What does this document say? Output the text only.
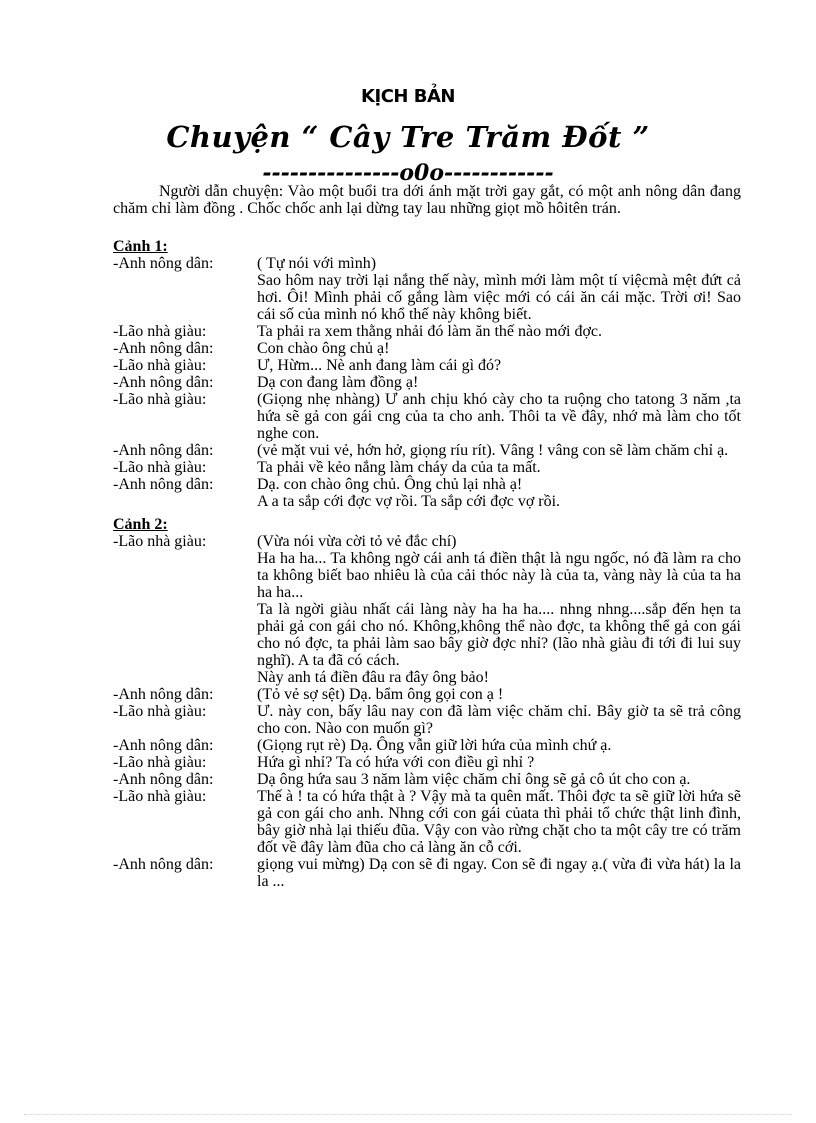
KỊCH BẢN
Chuyện “ Cây Tre Trăm Đốt ”
---------------o0o------------
Người dẫn chuyện: Vào một buổi tra dới ánh mặt trời gay gắt, có một anh nông dân đang chăm chỉ làm đồng . Chốc chốc anh lại dừng tay lau những giọt mồ hôitên trán.
Cảnh 1:
-Anh nông dân:	( Tự nói với mình)

Sao hôm nay trời lại nắng thế này, mình mới làm một tí việcmà mệt đứt cả hơi. Ôi! Mình phải cố gắng làm việc mới có cái ăn cái mặc. Trời ơi! Sao cái số của mình nó khổ thế này không biết.

-Lão nhà giàu:	Ta phải ra xem thằng nhải đó làm ăn thế nào mới đợc.

-Anh nông dân:	Con chào ông chủ ạ!

-Lão nhà giàu:	Ư, Hừm... Nè anh đang làm cái gì đó?

-Anh nông dân:	Dạ con đang làm đồng ạ!

-Lão nhà giàu:	(Giọng nhẹ nhàng) Ư anh chịu khó cày cho ta ruộng cho tatong 3 năm ,ta hứa sẽ gả con gái cng của ta cho anh. Thôi ta về đây, nhớ mà làm cho tốt nghe con.

-Anh nông dân:	(vẻ mặt vui vẻ, hớn hở, giọng ríu rít). Vâng ! vâng con sẽ làm chăm chỉ ạ.

-Lão nhà giàu:	Ta phải về kẻo nắng làm cháy da của ta mất.

-Anh nông dân:	Dạ. con chào ông chủ. Ông chủ lại nhà ạ!

A a ta sắp cới đợc vợ rồi. Ta sắp cới đợc vợ rồi.

Cảnh 2:
-Lão nhà giàu:	(Vừa nói vừa cời tỏ vẻ đắc chí)

Ha ha ha... Ta không ngờ cái anh tá điền thật là ngu ngốc, nó đã làm ra cho ta không biết bao nhiêu là của cải thóc này là của ta, vàng này là của ta ha ha ha...

Ta là ngời giàu nhất cái làng này ha ha ha.... nhng nhng....sắp đến hẹn ta phải gả con gái cho nó. Không,không thể nào đợc, ta không thể gả con gái cho nó đợc, ta phải làm sao bây giờ đợc nhỉ? (lão nhà giàu đi tới đi lui suy nghĩ). A ta đã có cách.

Này anh tá điền đâu ra đây ông bảo!

-Anh nông dân:	(Tỏ vẻ sợ sệt) Dạ. bẩm ông gọi con ạ !

-Lão nhà giàu:	Ư. này con, bấy lâu nay con đã làm việc chăm chỉ. Bây giờ ta sẽ trả công cho con. Nào con muốn gì?

-Anh nông dân:	(Giọng rụt rè) Dạ. Ông vẫn giữ lời hứa của mình chứ ạ.

-Lão nhà giàu:	Hứa gì nhỉ? Ta có hứa với con điều gì nhỉ ?

-Anh nông dân:	Dạ ông hứa sau 3 năm làm việc chăm chỉ ông sẽ gả cô út cho con ạ.

-Lão nhà giàu:	Thế à ! ta có hứa thật à ? Vậy mà ta quên mất. Thôi đợc ta sẽ giữ lời hứa sẽ gả con gái cho anh. Nhng cới con gái củata thì phải tổ chức thật linh đình, bây giờ nhà lại thiếu đũa. Vậy con vào rừng chặt cho ta một cây tre có trăm đốt về đây làm đũa cho cả làng ăn cỗ cới.

-Anh nông dân:	giọng vui mừng) Dạ con sẽ đi ngay. Con sẽ đi ngay ạ.( vừa đi vừa hát) la la la ...
